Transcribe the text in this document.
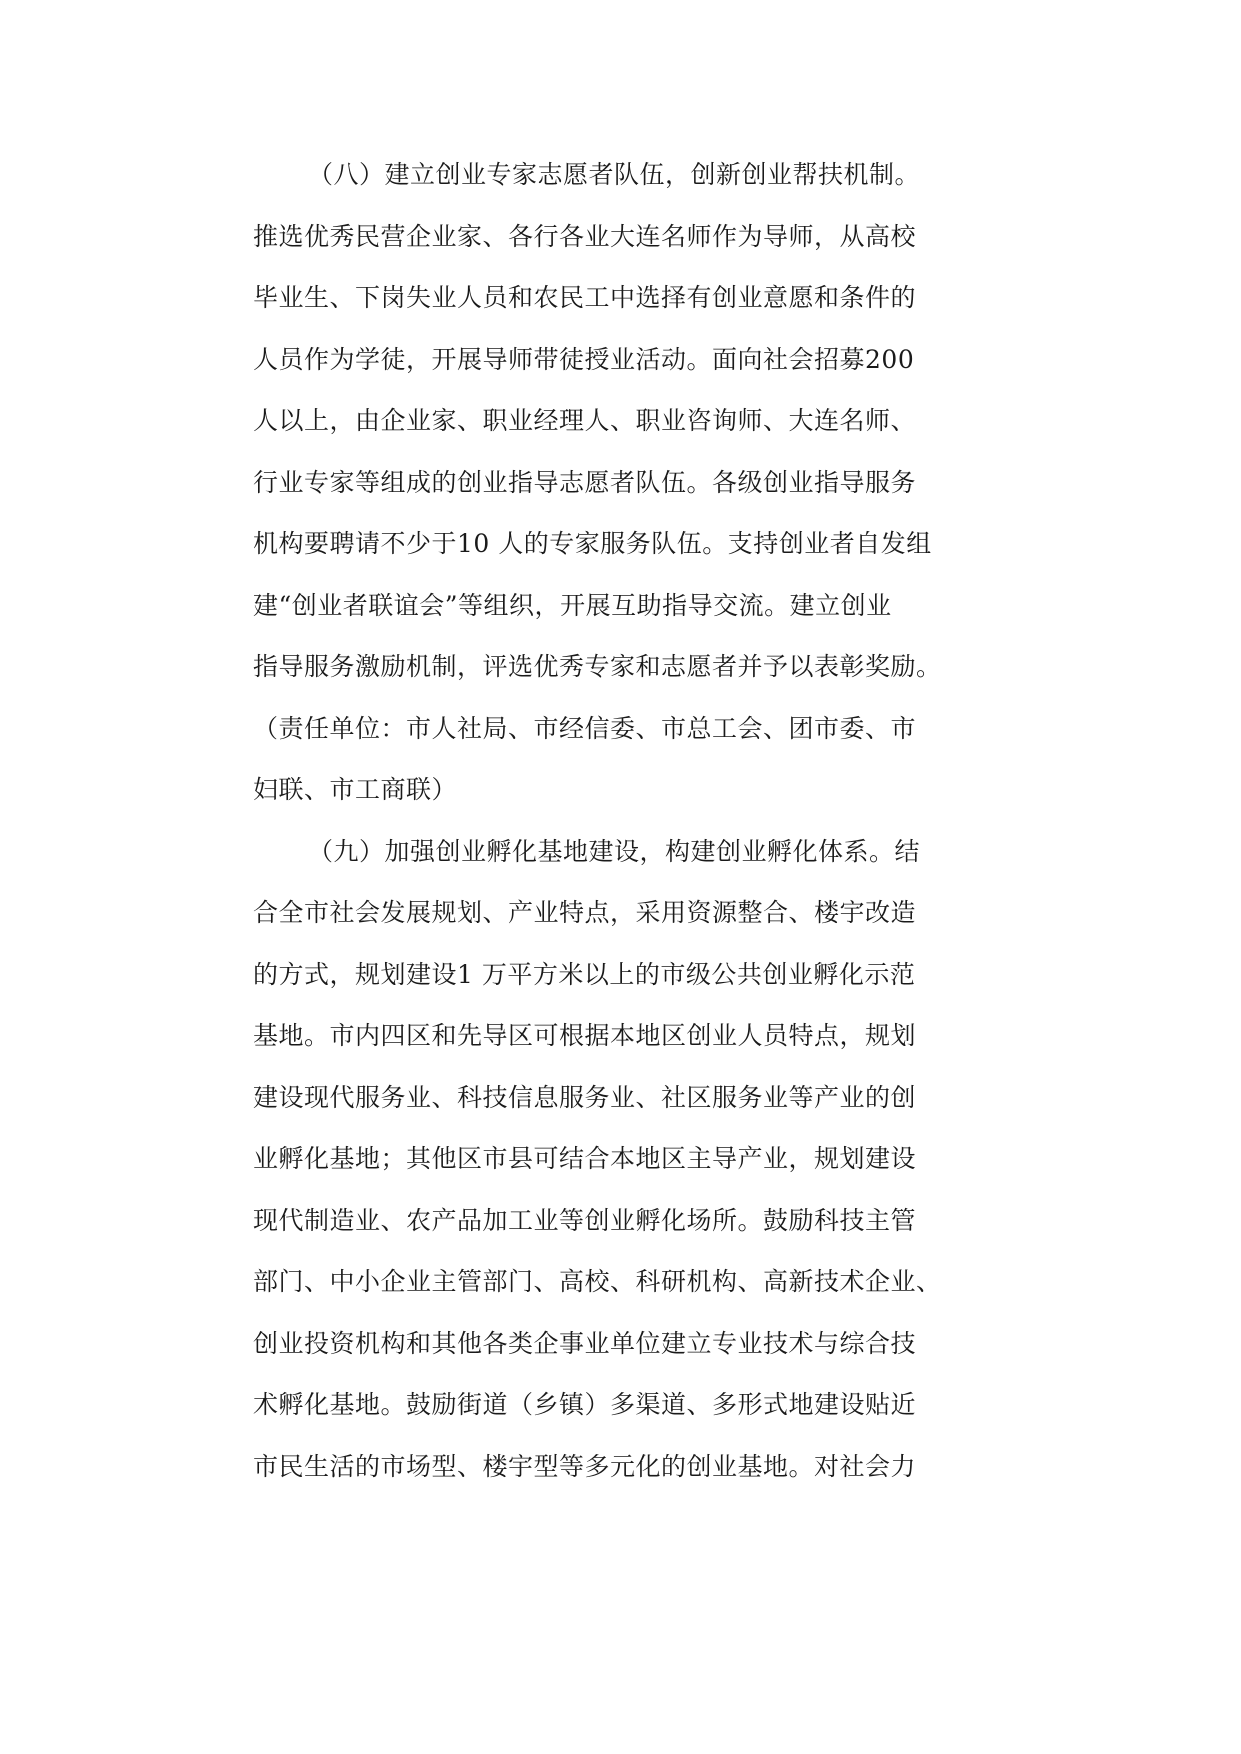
（八）建立创业专家志愿者队伍，创新创业帮扶机制。
推选优秀民营企业家、各行各业大连名师作为导师，从高校
毕业生、下岗失业人员和农民工中选择有创业意愿和条件的
人员作为学徒，开展导师带徒授业活动。面向社会招募200
人以上，由企业家、职业经理人、职业咨询师、大连名师、
行业专家等组成的创业指导志愿者队伍。各级创业指导服务
机构要聘请不少于10 人的专家服务队伍。支持创业者自发组
建“创业者联谊会”等组织，开展互助指导交流。建立创业
指导服务激励机制，评选优秀专家和志愿者并予以表彰奖励。
（责任单位：市人社局、市经信委、市总工会、团市委、市
妇联、市工商联）
（九）加强创业孵化基地建设，构建创业孵化体系。结
合全市社会发展规划、产业特点，采用资源整合、楼宇改造
的方式，规划建设1 万平方米以上的市级公共创业孵化示范
基地。市内四区和先导区可根据本地区创业人员特点，规划
建设现代服务业、科技信息服务业、社区服务业等产业的创
业孵化基地；其他区市县可结合本地区主导产业，规划建设
现代制造业、农产品加工业等创业孵化场所。鼓励科技主管
部门、中小企业主管部门、高校、科研机构、高新技术企业、
创业投资机构和其他各类企事业单位建立专业技术与综合技
术孵化基地。鼓励街道（乡镇）多渠道、多形式地建设贴近
市民生活的市场型、楼宇型等多元化的创业基地。对社会力
